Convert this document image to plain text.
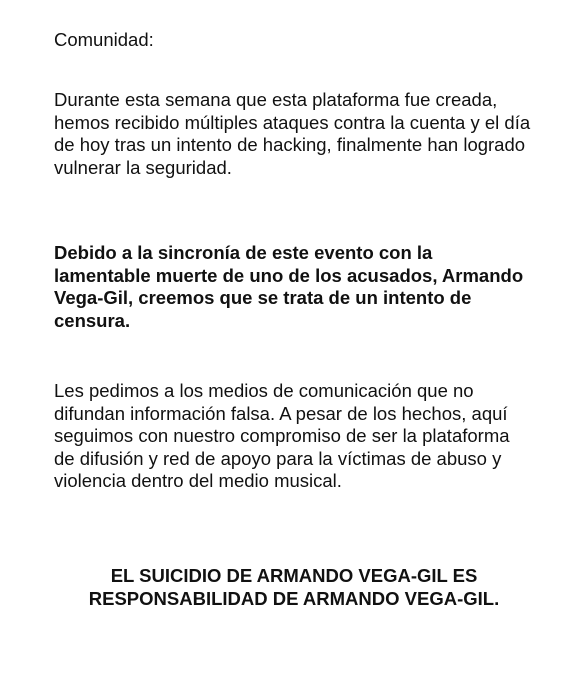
Comunidad:

Durante esta semana que esta plataforma fue creada, hemos recibido múltiples ataques contra la cuenta y el día de hoy tras un intento de hacking, finalmente han logrado vulnerar la seguridad.

Debido a la sincronía de este evento con la lamentable muerte de uno de los acusados, Armando Vega-Gil, creemos que se trata de un intento de censura.

Les pedimos a los medios de comunicación que no difundan información falsa. A pesar de los hechos, aquí seguimos con nuestro compromiso de ser la plataforma de difusión y red de apoyo para la víctimas de abuso y violencia dentro del medio musical.

EL SUICIDIO DE ARMANDO VEGA-GIL ES
RESPONSABILIDAD DE ARMANDO VEGA-GIL.
